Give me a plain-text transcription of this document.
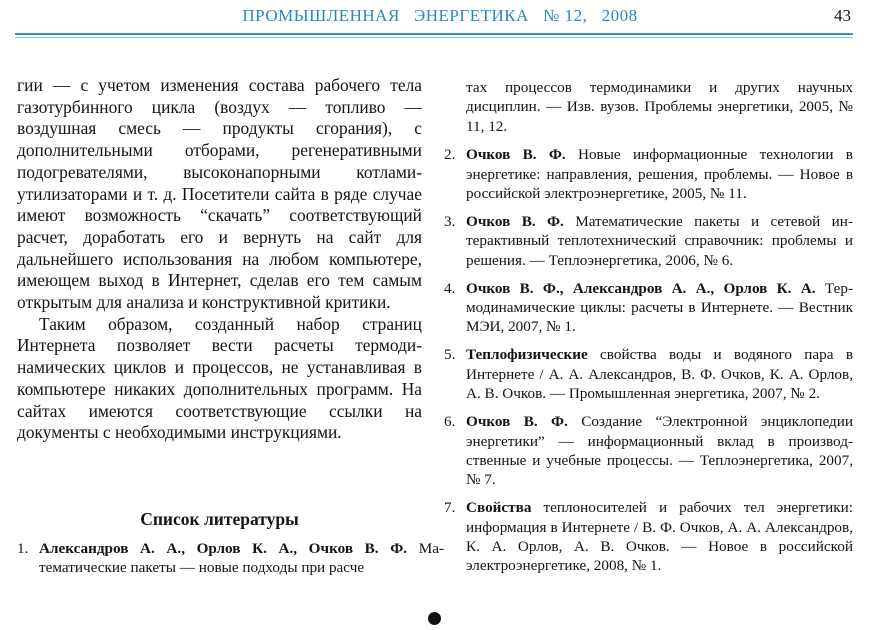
ПРОМЫШЛЕННАЯ   ЭНЕРГЕТИКА   № 12,   2008	43

гии — с учетом изменения состава рабочего тела газотурбинного цикла (воздух — топливо — воздушная смесь — продукты сгорания), с дополнительными отборами, регенеративными подогревателями, высоконапорными котлами-утилизаторами и т. д. Посетители сайта в ряде случае имеют возможность “скачать” соответствующий расчет, доработать его и вернуть на сайт для дальнейшего использования на любом компьютере, имеющем выход в Интернет, сделав его тем самым открытым для анализа и конструктивной критики.

Таким образом, созданный набор страниц Интернета позволяет вести расчеты термодинамических циклов и процессов, не устанавливая в компьютере никаких дополнительных программ. На сайтах имеются соответствующие ссылки на документы с необходимыми инструкциями.

Список литературы
1. Александров А. А., Орлов К. А., Очков В. Ф. Математические пакеты — новые подходы при расче
тах процессов термодинамики и других научных дисциплин. — Изв. вузов. Проблемы энергетики, 2005, № 11, 12.
2. Очков В. Ф. Новые информационные технологии в энергетике: направления, решения, проблемы. — Новое в российской электроэнергетике, 2005, № 11.
3. Очков В. Ф. Математические пакеты и сетевой интерактивный теплотехнический справочник: проблемы и решения. — Теплоэнергетика, 2006, № 6.
4. Очков В. Ф., Александров А. А., Орлов К. А. Термодинамические циклы: расчеты в Интернете. — Вестник МЭИ, 2007, № 1.
5. Теплофизические свойства воды и водяного пара в Интернете / А. А. Александров, В. Ф. Очков, К. А. Орлов, А. В. Очков. — Промышленная энергетика, 2007, № 2.
6. Очков В. Ф. Создание “Электронной энциклопедии энергетики” — информационный вклад в производственные и учебные процессы. — Теплоэнергетика, 2007, № 7.
7. Свойства теплоносителей и рабочих тел энергетики: информация в Интернете / В. Ф. Очков, А. А. Александров, К. А. Орлов, А. В. Очков. — Новое в российской электроэнергетике, 2008, № 1.
